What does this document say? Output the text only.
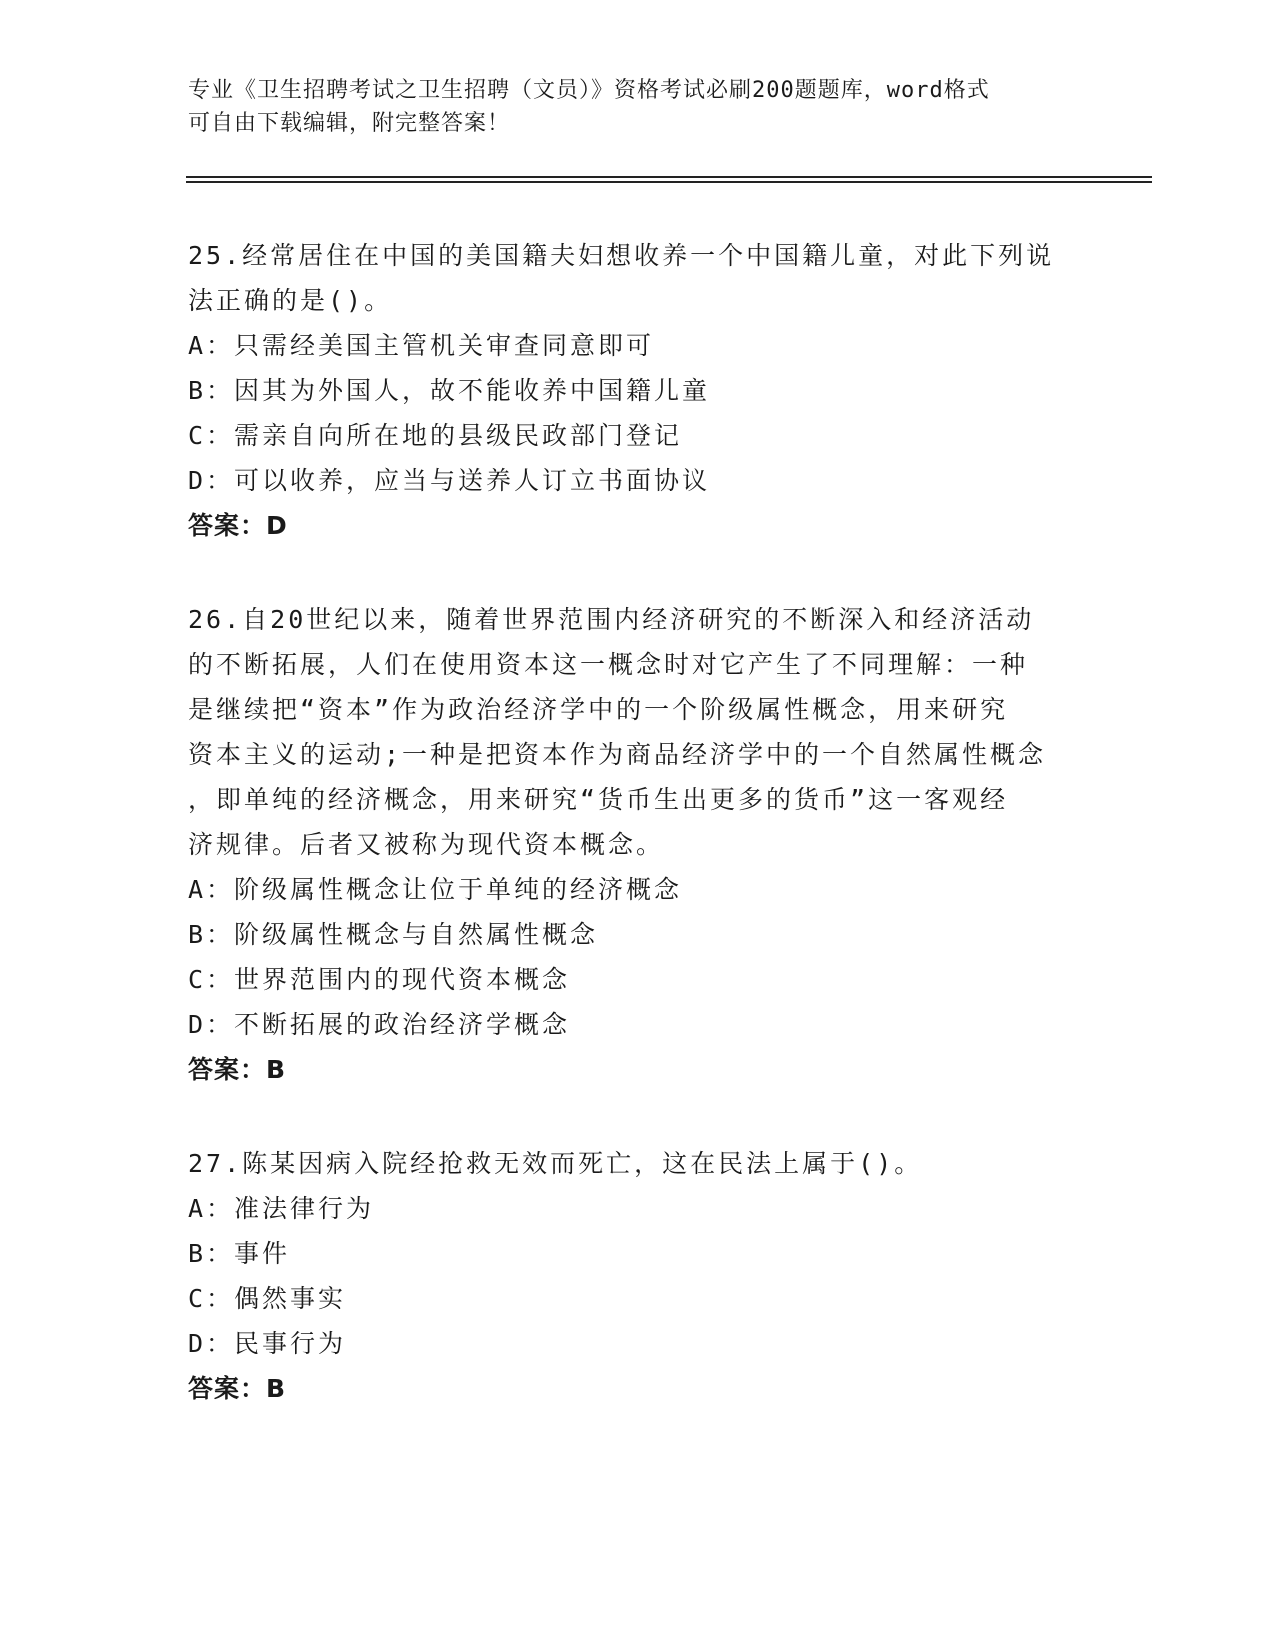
专业《卫生招聘考试之卫生招聘（文员）》资格考试必刷200题题库，word格式
可自由下载编辑，附完整答案！

25.经常居住在中国的美国籍夫妇想收养一个中国籍儿童，对此下列说

法正确的是()。

A：只需经美国主管机关审查同意即可

B：因其为外国人，故不能收养中国籍儿童

C：需亲自向所在地的县级民政部门登记

D：可以收养，应当与送养人订立书面协议

答案：D

26.自20世纪以来，随着世界范围内经济研究的不断深入和经济活动

的不断拓展，人们在使用资本这一概念时对它产生了不同理解：一种

是继续把“资本”作为政治经济学中的一个阶级属性概念，用来研究

资本主义的运动;一种是把资本作为商品经济学中的一个自然属性概念

，即单纯的经济概念，用来研究“货币生出更多的货币”这一客观经

济规律。后者又被称为现代资本概念。

A：阶级属性概念让位于单纯的经济概念

B：阶级属性概念与自然属性概念

C：世界范围内的现代资本概念

D：不断拓展的政治经济学概念

答案：B

27.陈某因病入院经抢救无效而死亡，这在民法上属于()。

A：准法律行为

B：事件

C：偶然事实

D：民事行为

答案：B
